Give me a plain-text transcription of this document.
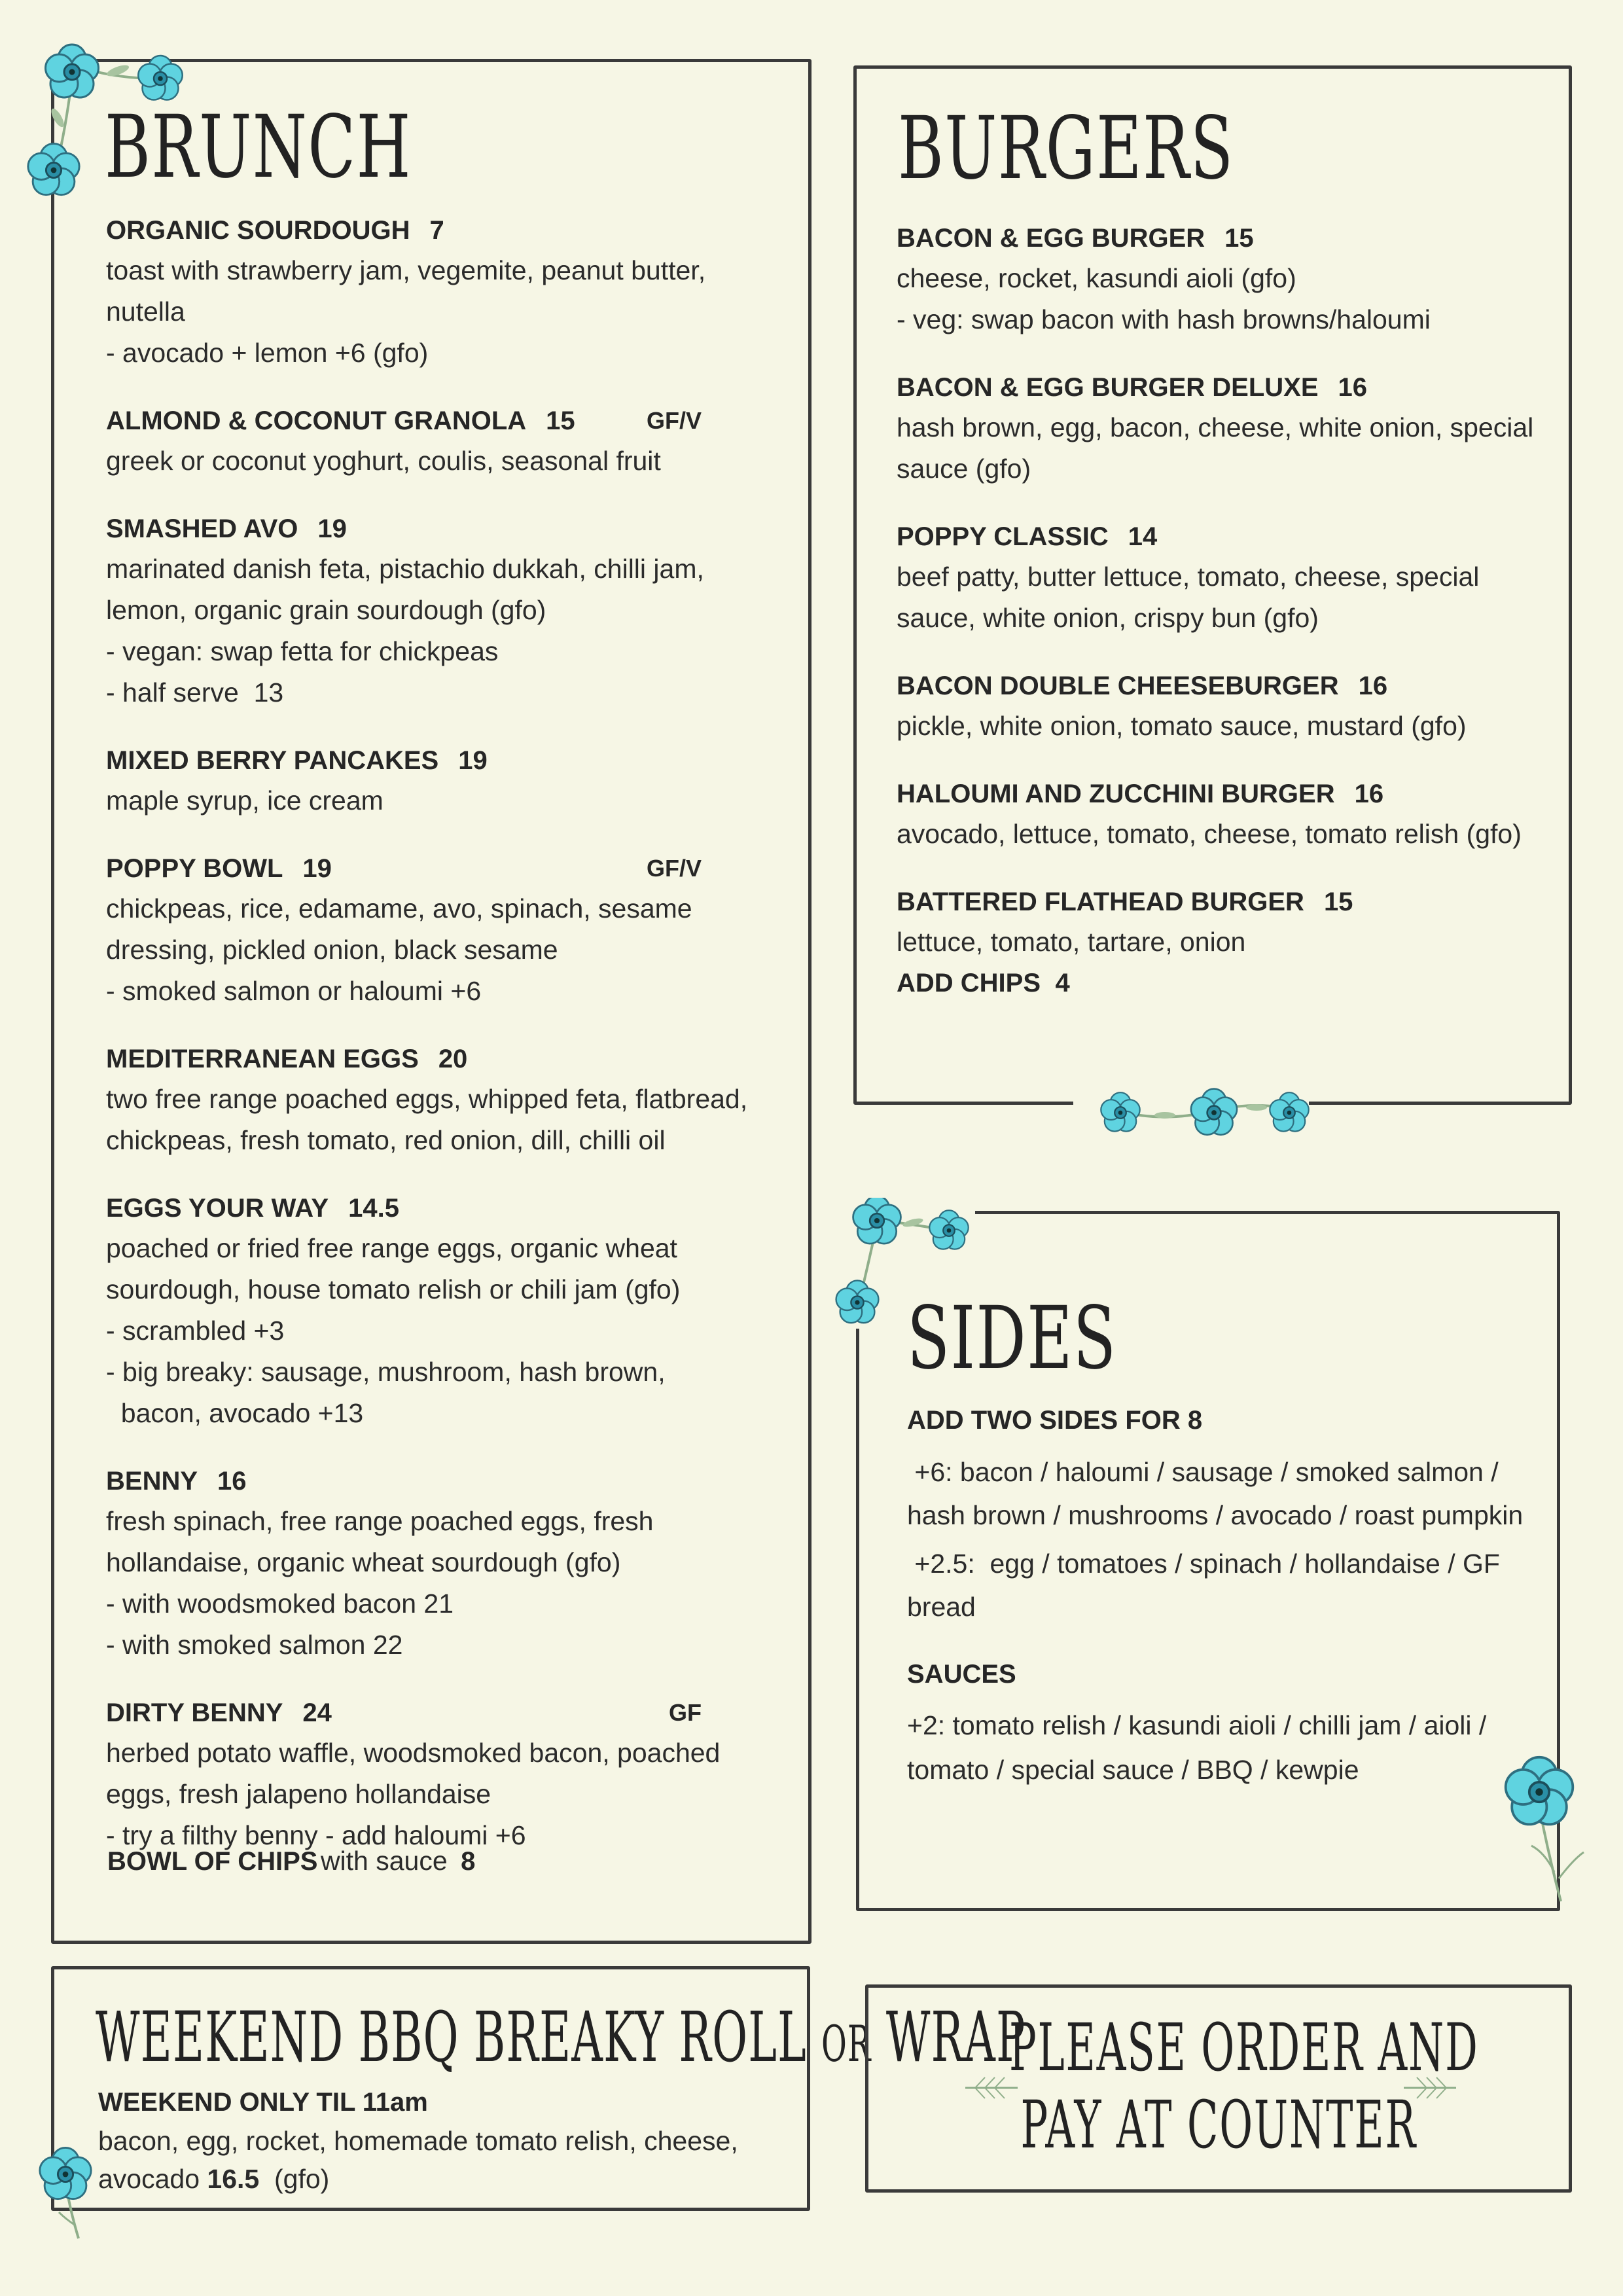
BRUNCH
ORGANIC SOURDOUGH 7
toast with strawberry jam, vegemite, peanut butter,
nutella
- avocado + lemon +6 (gfo)
ALMOND & COCONUT GRANOLA 15	GF/V
greek or coconut yoghurt, coulis, seasonal fruit
SMASHED AVO 19
marinated danish feta, pistachio dukkah, chilli jam,
lemon, organic grain sourdough (gfo)
- vegan: swap fetta for chickpeas
- half serve  13
MIXED BERRY PANCAKES 19
maple syrup, ice cream
POPPY BOWL 19	GF/V
chickpeas, rice, edamame, avo, spinach, sesame
dressing, pickled onion, black sesame
- smoked salmon or haloumi +6
MEDITERRANEAN EGGS 20
two free range poached eggs, whipped feta, flatbread,
chickpeas, fresh tomato, red onion, dill, chilli oil
EGGS YOUR WAY 14.5
poached or fried free range eggs, organic wheat
sourdough, house tomato relish or chili jam (gfo)
- scrambled +3
- big breaky: sausage, mushroom, hash brown,
bacon, avocado +13
BENNY 16
fresh spinach, free range poached eggs, fresh
hollandaise, organic wheat sourdough (gfo)
- with woodsmoked bacon 21
- with smoked salmon 22
DIRTY BENNY 24	GF
herbed potato waffle, woodsmoked bacon, poached
eggs, fresh jalapeno hollandaise
- try a filthy benny - add haloumi +6
BOWL OF CHIPS with sauce 8
BURGERS
BACON & EGG BURGER 15
cheese, rocket, kasundi aioli (gfo)
- veg: swap bacon with hash browns/haloumi
BACON & EGG BURGER DELUXE 16
hash brown, egg, bacon, cheese, white onion, special
sauce (gfo)
POPPY CLASSIC 14
beef patty, butter lettuce, tomato, cheese, special
sauce, white onion, crispy bun (gfo)
BACON DOUBLE CHEESEBURGER 16
pickle, white onion, tomato sauce, mustard (gfo)
HALOUMI AND ZUCCHINI BURGER 16
avocado, lettuce, tomato, cheese, tomato relish (gfo)
BATTERED FLATHEAD BURGER 15
lettuce, tomato, tartare, onion
ADD CHIPS 4
SIDES
ADD TWO SIDES FOR 8
+6: bacon / haloumi / sausage / smoked salmon /
hash brown / mushrooms / avocado / roast pumpkin
+2.5:  egg / tomatoes / spinach / hollandaise / GF
bread
SAUCES
+2: tomato relish / kasundi aioli / chilli jam / aioli /
tomato / special sauce / BBQ / kewpie
WEEKEND BBQ BREAKY ROLL OR WRAP
WEEKEND ONLY TIL 11am
bacon, egg, rocket, homemade tomato relish, cheese,
avocado 16.5  (gfo)
PLEASE ORDER AND
PAY AT COUNTER
